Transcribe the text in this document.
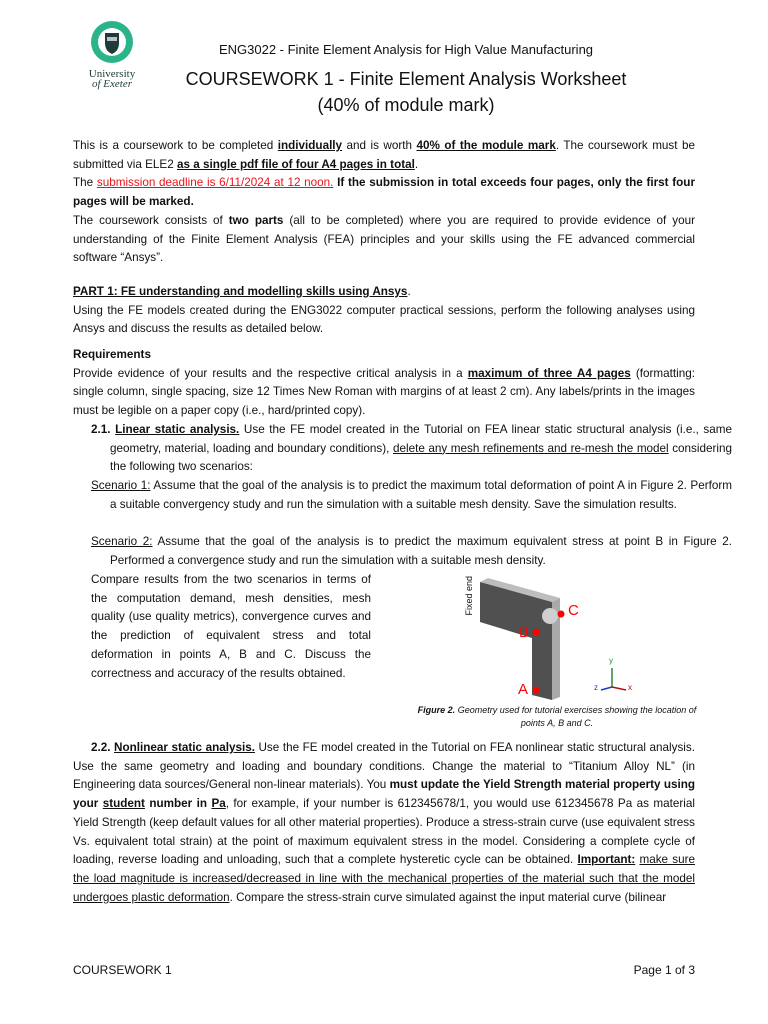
University
of Exeter
ENG3022 - Finite Element Analysis for High Value Manufacturing
COURSEWORK 1 - Finite Element Analysis Worksheet
(40% of module mark)
This is a coursework to be completed individually and is worth 40% of the module mark. The coursework must be submitted via ELE2 as a single pdf file of four A4 pages in total.
The submission deadline is 6/11/2024 at 12 noon. If the submission in total exceeds four pages, only the first four pages will be marked.
The coursework consists of two parts (all to be completed) where you are required to provide evidence of your understanding of the Finite Element Analysis (FEA) principles and your skills using the FE advanced commercial software “Ansys”.
PART 1: FE understanding and modelling skills using Ansys.
Using the FE models created during the ENG3022 computer practical sessions, perform the following analyses using Ansys and discuss the results as detailed below.
Requirements
Provide evidence of your results and the respective critical analysis in a maximum of three A4 pages (formatting: single column, single spacing, size 12 Times New Roman with margins of at least 2 cm). Any labels/prints in the images must be legible on a paper copy (i.e., hard/printed copy).
2.1. Linear static analysis. Use the FE model created in the Tutorial on FEA linear static structural analysis (i.e., same geometry, material, loading and boundary conditions), delete any mesh refinements and re-mesh the model considering the following two scenarios:
Scenario 1: Assume that the goal of the analysis is to predict the maximum total deformation of point A in Figure 2. Perform a suitable convergency study and run the simulation with a suitable mesh density. Save the simulation results.
Scenario 2: Assume that the goal of the analysis is to predict the maximum equivalent stress at point B in Figure 2. Performed a convergence study and run the simulation with a suitable mesh density.
Compare results from the two scenarios in terms of the computation demand, mesh densities, mesh quality (use quality metrics), convergence curves and the prediction of equivalent stress and total deformation in points A, B and C. Discuss the correctness and accuracy of the results obtained.
Fixed end	C
B
A
y
x
z
Figure 2. Geometry used for tutorial exercises showing the location of points A, B and C.
2.2. Nonlinear static analysis. Use the FE model created in the Tutorial on FEA nonlinear static structural analysis. Use the same geometry and loading and boundary conditions. Change the material to “Titanium Alloy NL” (in Engineering data sources/General non-linear materials). You must update the Yield Strength material property using your student number in Pa, for example, if your number is 612345678/1, you would use 612345678 Pa as material Yield Strength (keep default values for all other material properties). Produce a stress-strain curve (use equivalent stress Vs. equivalent total strain) at the point of maximum equivalent stress in the model. Considering a complete cycle of loading, reverse loading and unloading, such that a complete hysteretic cycle can be obtained. Important: make sure the load magnitude is increased/decreased in line with the mechanical properties of the material such that the model undergoes plastic deformation. Compare the stress-strain curve simulated against the input material curve (bilinear
COURSEWORK 1	Page 1 of 3
